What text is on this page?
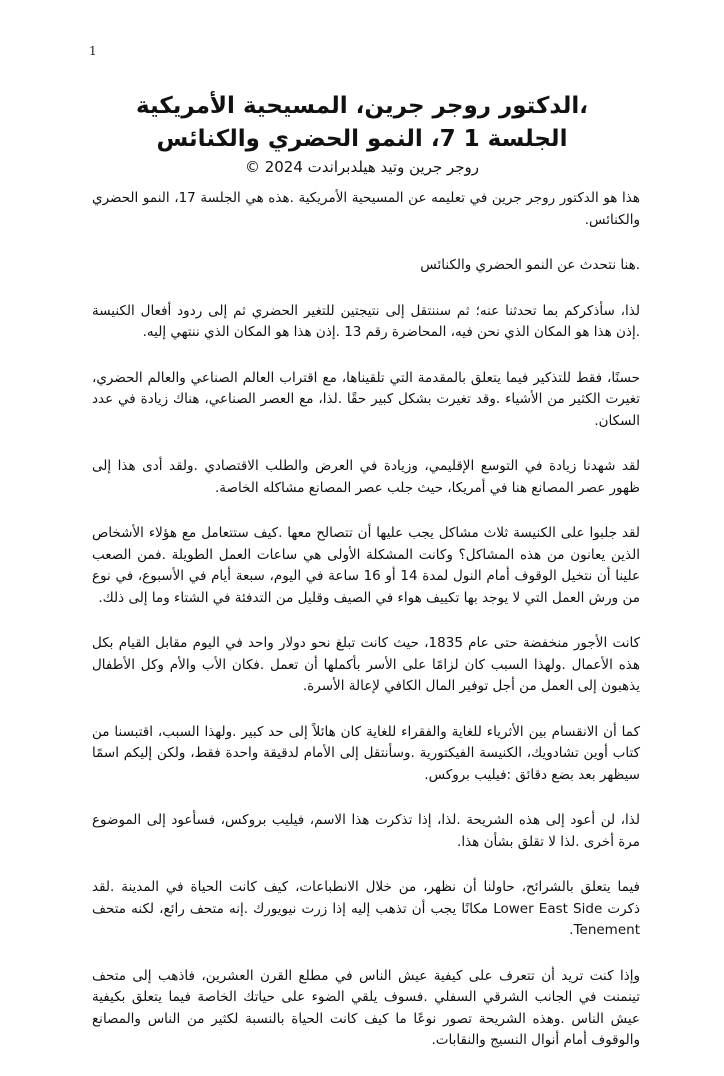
1
،الدكتور روجر جرين، المسيحية الأمريكية
الجلسة 1 7، النمو الحضري والكنائس
روجر جرين وتيد هيلدبراندت 2024 ©

هذا هو الدكتور روجر جرين في تعليمه عن المسيحية الأمريكية .هذه هي الجلسة 17، النمو الحضري والكنائس.

.هنا نتحدث عن النمو الحضري والكنائس

لذا، سأذكركم بما تحدثنا عنه؛ ثم سننتقل إلى نتيجتين للتغير الحضري ثم إلى ردود أفعال الكنيسة .إذن هذا هو المكان الذي نحن فيه، المحاضرة رقم 13 .إذن هذا هو المكان الذي ننتهي إليه.

حسنًا، فقط للتذكير فيما يتعلق بالمقدمة التي تلقيناها، مع اقتراب العالم الصناعي والعالم الحضري، تغيرت الكثير من الأشياء .وقد تغيرت بشكل كبير حقًا .لذا، مع العصر الصناعي، هناك زيادة في عدد السكان.

لقد شهدنا زيادة في التوسع الإقليمي، وزيادة في العرض والطلب الاقتصادي .ولقد أدى هذا إلى ظهور عصر المصانع هنا في أمريكا، حيث جلب عصر المصانع مشاكله الخاصة.

لقد جلبوا على الكنيسة ثلاث مشاكل يجب عليها أن تتصالح معها .كيف ستتعامل مع هؤلاء الأشخاص الذين يعانون من هذه المشاكل؟ وكانت المشكلة الأولى هي ساعات العمل الطويلة .فمن الصعب علينا أن نتخيل الوقوف أمام النول لمدة 14 أو 16 ساعة في اليوم، سبعة أيام في الأسبوع، في نوع من ورش العمل التي لا يوجد بها تكييف هواء في الصيف وقليل من التدفئة في الشتاء وما إلى ذلك.

كانت الأجور منخفضة حتى عام 1835، حيث كانت تبلغ نحو دولار واحد في اليوم مقابل القيام بكل هذه الأعمال .ولهذا السبب كان لزامًا على الأسر بأكملها أن تعمل .فكان الأب والأم وكل الأطفال يذهبون إلى العمل من أجل توفير المال الكافي لإعالة الأسرة.

كما أن الانقسام بين الأثرياء للغاية والفقراء للغاية كان هائلاً إلى حد كبير .ولهذا السبب، اقتبسنا من كتاب أوين تشادويك، الكنيسة الفيكتورية .وسأنتقل إلى الأمام لدقيقة واحدة فقط، ولكن إليكم اسمًا سيظهر بعد بضع دقائق :فيليب بروكس.

لذا، لن أعود إلى هذه الشريحة .لذا، إذا تذكرت هذا الاسم، فيليب بروكس، فسأعود إلى الموضوع مرة أخرى .لذا لا تقلق بشأن هذا.

فيما يتعلق بالشرائح، حاولنا أن نظهر، من خلال الانطباعات، كيف كانت الحياة في المدينة .لقد ذكرت Lower East Side مكانًا يجب أن تذهب إليه إذا زرت نيويورك .إنه متحف رائع، لكنه متحف Tenement.

وإذا كنت تريد أن تتعرف على كيفية عيش الناس في مطلع القرن العشرين، فاذهب إلى متحف تينمنت في الجانب الشرقي السفلي .فسوف يلقي الضوء على حياتك الخاصة فيما يتعلق بكيفية عيش الناس .وهذه الشريحة تصور نوعًا ما كيف كانت الحياة بالنسبة لكثير من الناس والمصانع والوقوف أمام أنوال النسيج والنقابات.
